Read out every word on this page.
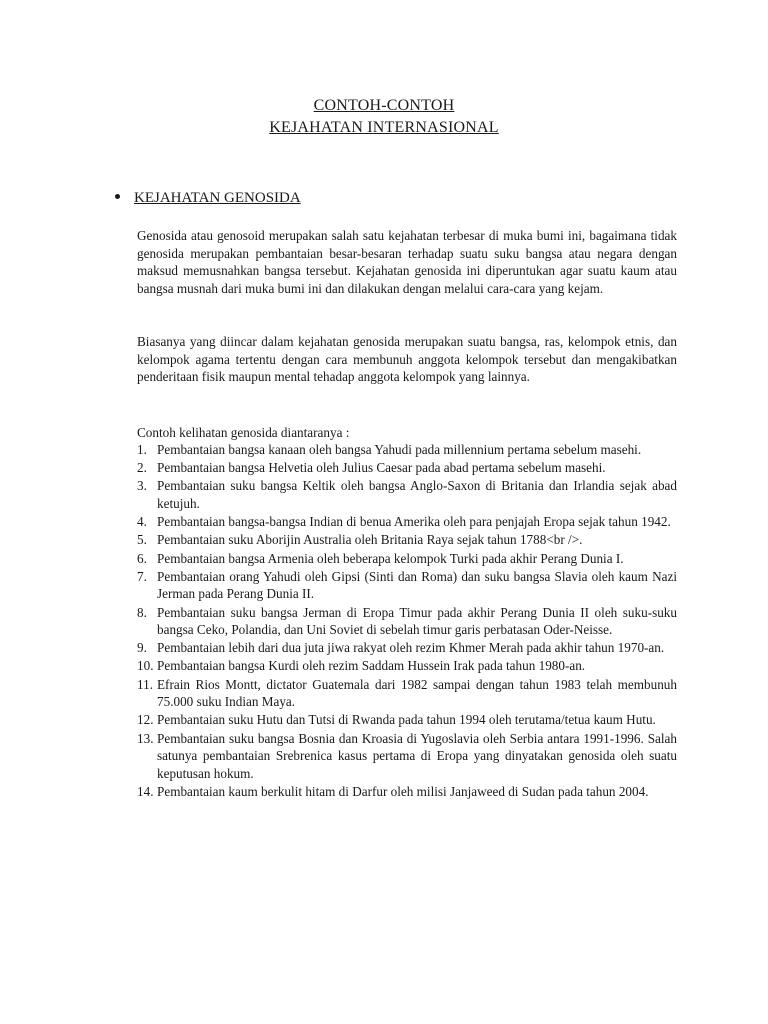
CONTOH-CONTOH
KEJAHATAN INTERNASIONAL
KEJAHATAN GENOSIDA

Genosida atau genosoid merupakan salah satu kejahatan terbesar di muka bumi ini, bagaimana tidak genosida merupakan pembantaian besar-besaran terhadap suatu suku bangsa atau negara dengan maksud memusnahkan bangsa tersebut. Kejahatan genosida ini diperuntukan agar suatu kaum atau bangsa musnah dari muka bumi ini dan dilakukan dengan melalui cara-cara yang kejam.

Biasanya yang diincar dalam kejahatan genosida merupakan suatu bangsa, ras, kelompok etnis, dan kelompok agama tertentu dengan cara membunuh anggota kelompok tersebut dan mengakibatkan penderitaan fisik maupun mental tehadap anggota kelompok yang lainnya.

Contoh kelihatan genosida diantaranya :

1. Pembantaian bangsa kanaan oleh bangsa Yahudi pada millennium pertama sebelum masehi.
2. Pembantaian bangsa Helvetia oleh Julius Caesar pada abad pertama sebelum masehi.
3. Pembantaian suku bangsa Keltik oleh bangsa Anglo-Saxon di Britania dan Irlandia sejak abad ketujuh.
4. Pembantaian bangsa-bangsa Indian di benua Amerika oleh para penjajah Eropa sejak tahun 1942.
5. Pembantaian suku Aborijin Australia oleh Britania Raya sejak tahun 1788<br />.
6. Pembantaian bangsa Armenia oleh beberapa kelompok Turki pada akhir Perang Dunia I.
7. Pembantaian orang Yahudi oleh Gipsi (Sinti dan Roma) dan suku bangsa Slavia oleh kaum Nazi Jerman pada Perang Dunia II.
8. Pembantaian suku bangsa Jerman di Eropa Timur pada akhir Perang Dunia II oleh suku-suku bangsa Ceko, Polandia, dan Uni Soviet di sebelah timur garis perbatasan Oder-Neisse.
9. Pembantaian lebih dari dua juta jiwa rakyat oleh rezim Khmer Merah pada akhir tahun 1970-an.
10. Pembantaian bangsa Kurdi oleh rezim Saddam Hussein Irak pada tahun 1980-an.
11. Efrain Rios Montt, dictator Guatemala dari 1982 sampai dengan tahun 1983 telah membunuh 75.000 suku Indian Maya.
12. Pembantaian suku Hutu dan Tutsi di Rwanda pada tahun 1994 oleh terutama/tetua kaum Hutu.
13. Pembantaian suku bangsa Bosnia dan Kroasia di Yugoslavia oleh Serbia antara 1991-1996. Salah satunya pembantaian Srebrenica kasus pertama di Eropa yang dinyatakan genosida oleh suatu keputusan hokum.
14. Pembantaian kaum berkulit hitam di Darfur oleh milisi Janjaweed di Sudan pada tahun 2004.
